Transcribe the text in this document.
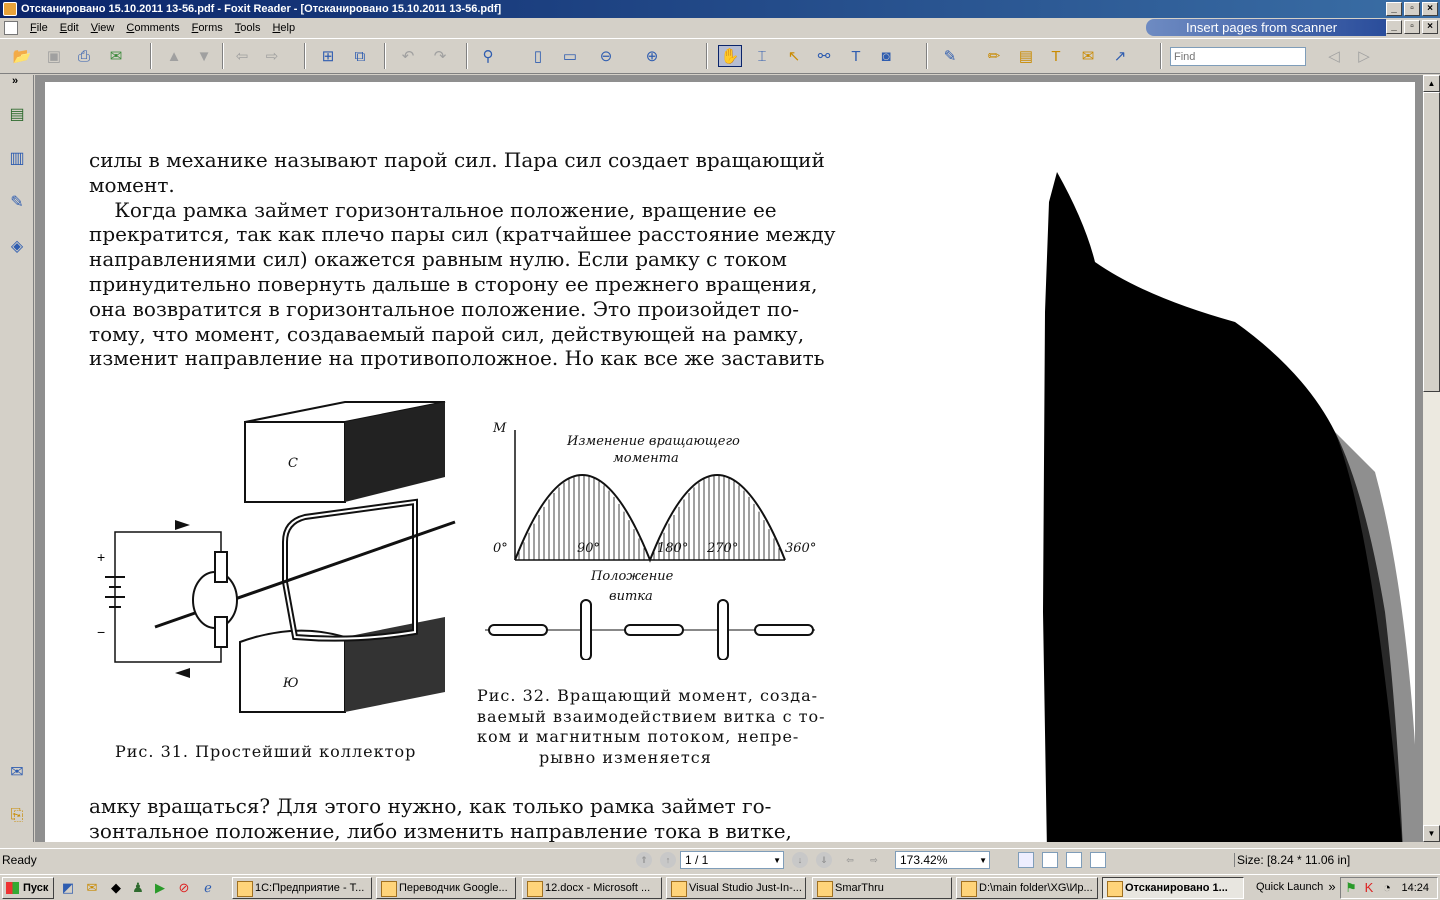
Отсканировано 15.10.2011 13-56.pdf - Foxit Reader - [Отсканировано 15.10.2011 13-56.pdf]	_	▫	×
File	Edit	View	Comments	Forms	Tools	Help	Insert pages from scanner	_	▫	×
📂	▣	⎙	✉	▲	▼	⇦	⇨	⊞	⧉	↶	↷	⚲	▯	▭	⊖	⊕	✋	⌶	↖	⚯	T	◙	✎	✏	▤	T	✉	↗
Find	◁	▷
»
▤
▥
✎
◈
✉
⎘
силы в механике называют парой сил. Пара сил создает вращающий
момент.
Когда рамка займет горизонтальное положение, вращение ее
прекратится, так как плечо пары сил (кратчайшее расстояние между
направлениями сил) окажется равным нулю. Если рамку с током
принудительно повернуть дальше в сторону ее прежнего вращения,
она возвратится в горизонтальное положение. Это произойдет по-
тому, что момент, создаваемый парой сил, действующей на рамку,
изменит направление на противоположное. Но как все же заставить
+
−
С
Ю
Рис. 31. Простейший коллектор
М
Изменение вращающего
момента
0°	90°	180° 270°	360°
Положение
витка
Рис. 32. Вращающий момент, созда-
ваемый взаимодействием витка с то-
ком и магнитным потоком, непре-
рывно изменяется
амку вращаться? Для этого нужно, как только рамка займет го-
зонтальное положение, либо изменить направление тока в витке,
▲
▼
Ready	⇑	↑	1 / 1	▼	↓	⇓	⇦	⇨	173.42%	▼	Size: [8.24 * 11.06 in]
Пуск	◩ ✉ ◆ ♟ ▶ ⊘	ℯ	1С:Предприятие - Т...	Переводчик Google...	12.docx - Microsoft ...	Visual Studio Just-In-...	SmarThru	D:\main folder\XG\Ир...	Отсканировано 1...	Quick Launch » ⚑ K ◔ 14:24
